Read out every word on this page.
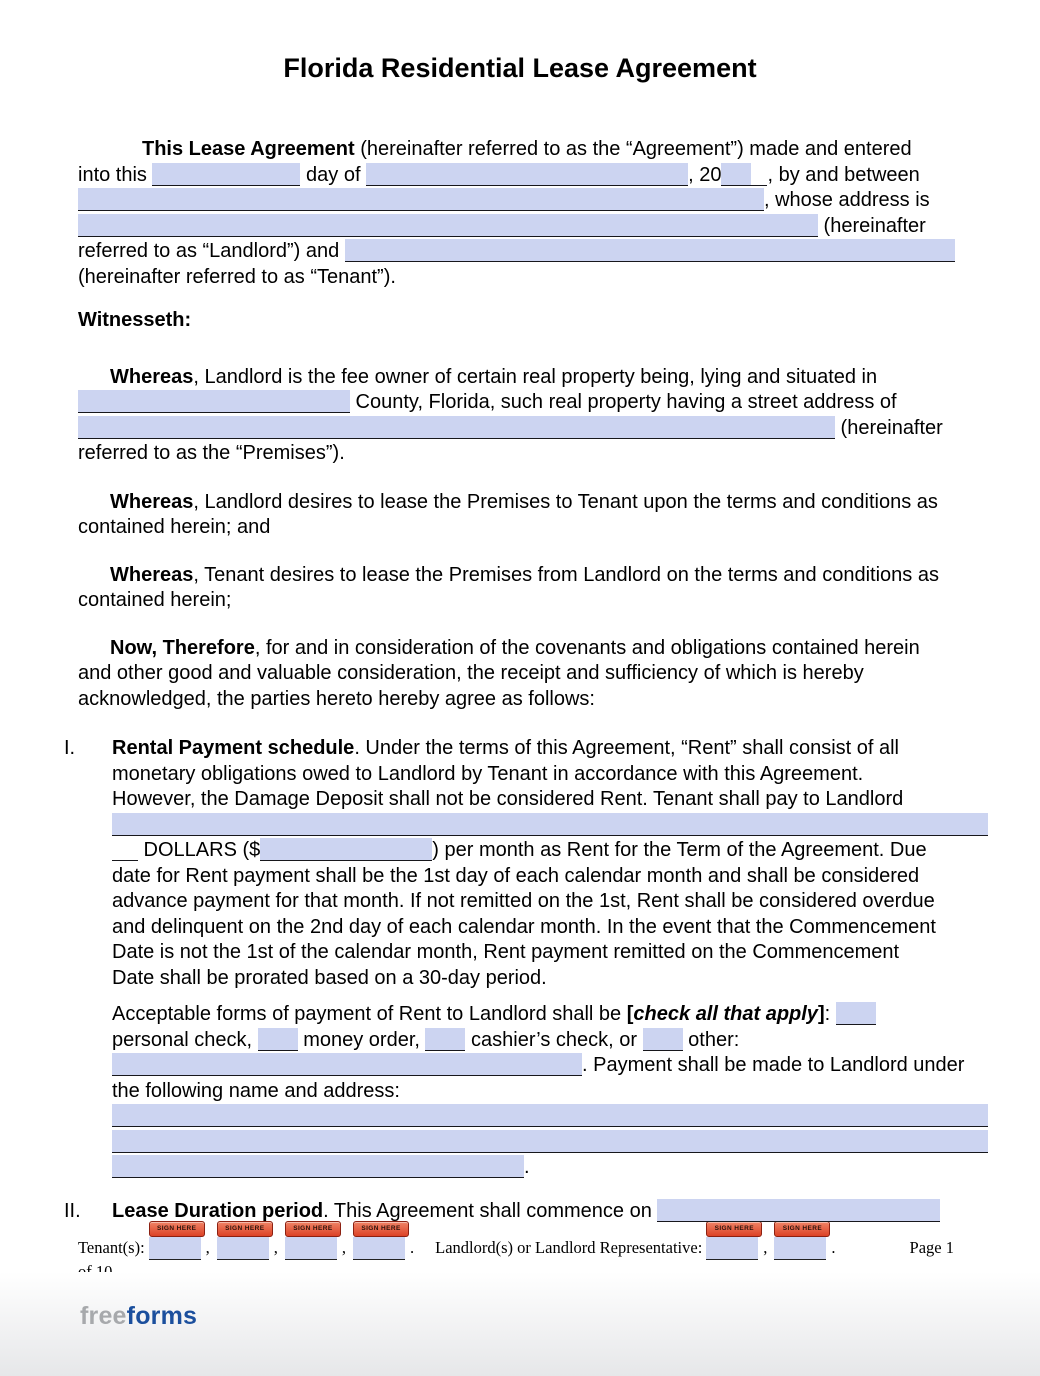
Florida Residential Lease Agreement
This Lease Agreement (hereinafter referred to as the “Agreement”) made and entered
into this	day of	, 20 , by and between
, whose address is
(hereinafter
referred to as “Landlord”) and
(hereinafter referred to as “Tenant”).
Witnesseth:
Whereas, Landlord is the fee owner of certain real property being, lying and situated in
County, Florida, such real property having a street address of
(hereinafter
referred to as the “Premises”).
Whereas, Landlord desires to lease the Premises to Tenant upon the terms and conditions as
contained herein; and
Whereas, Tenant desires to lease the Premises from Landlord on the terms and conditions as
contained herein;
Now, Therefore, for and in consideration of the covenants and obligations contained herein
and other good and valuable consideration, the receipt and sufficiency of which is hereby
acknowledged, the parties hereto hereby agree as follows:
I. Rental Payment schedule. Under the terms of this Agreement, “Rent” shall consist of all
monetary obligations owed to Landlord by Tenant in accordance with this Agreement.
However, the Damage Deposit shall not be considered Rent. Tenant shall pay to Landlord
DOLLARS ($	) per month as Rent for the Term of the Agreement. Due
date for Rent payment shall be the 1st day of each calendar month and shall be considered
advance payment for that month. If not remitted on the 1st, Rent shall be considered overdue
and delinquent on the 2nd day of each calendar month. In the event that the Commencement
Date is not the 1st of the calendar month, Rent payment remitted on the Commencement
Date shall be prorated based on a 30-day period.
Acceptable forms of payment of Rent to Landlord shall be [check all that apply]:
personal check,  money order,  cashier’s check, or  other:
. Payment shall be made to Landlord under
the following name and address:
.
II. Lease Duration period. This Agreement shall commence on
Tenant(s):
SIGN HERE
,
SIGN HERE
,
SIGN HERE
,
SIGN HERE
. Landlord(s) or Landlord Representative:
SIGN HERE
,
SIGN HERE
.	Page 1
freeforms
